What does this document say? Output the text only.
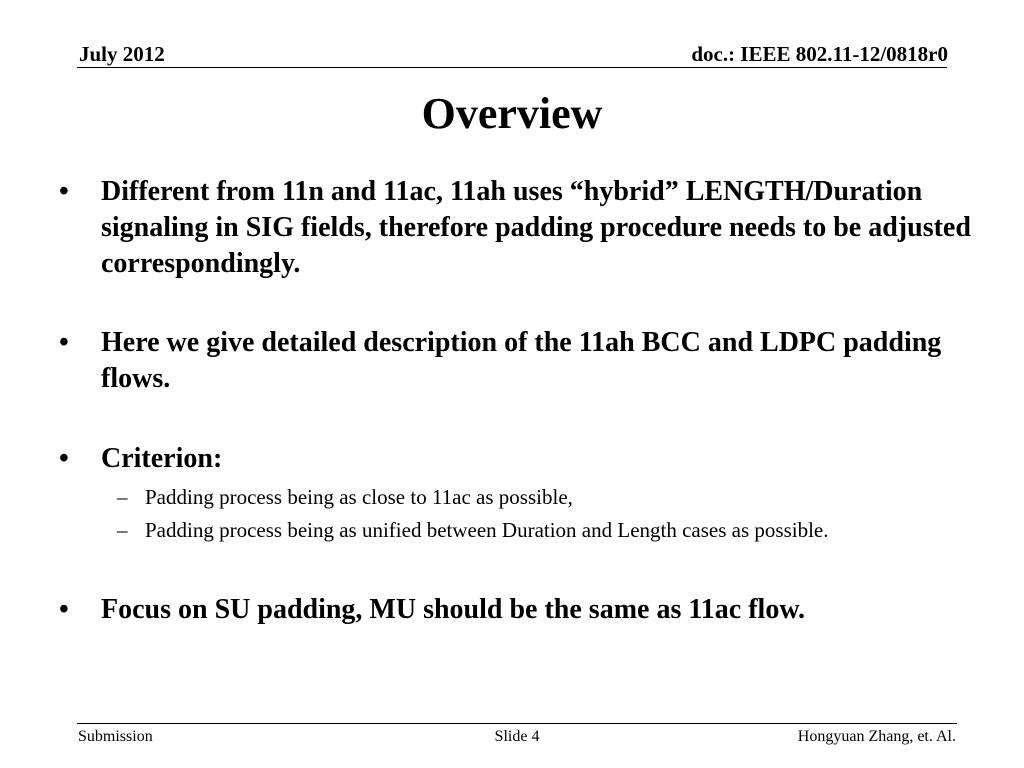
July 2012	doc.: IEEE 802.11-12/0818r0
Overview
•	Different from 11n and 11ac, 11ah uses “hybrid” LENGTH/Duration signaling in SIG fields, therefore padding procedure needs to be adjusted correspondingly.
•	Here we give detailed description of the 11ah BCC and LDPC padding flows.
•	Criterion:
– Padding process being as close to 11ac as possible,
– Padding process being as unified between Duration and Length cases as possible.
•	Focus on SU padding, MU should be the same as 11ac flow.
Submission	Slide 4	Hongyuan Zhang, et. Al.
